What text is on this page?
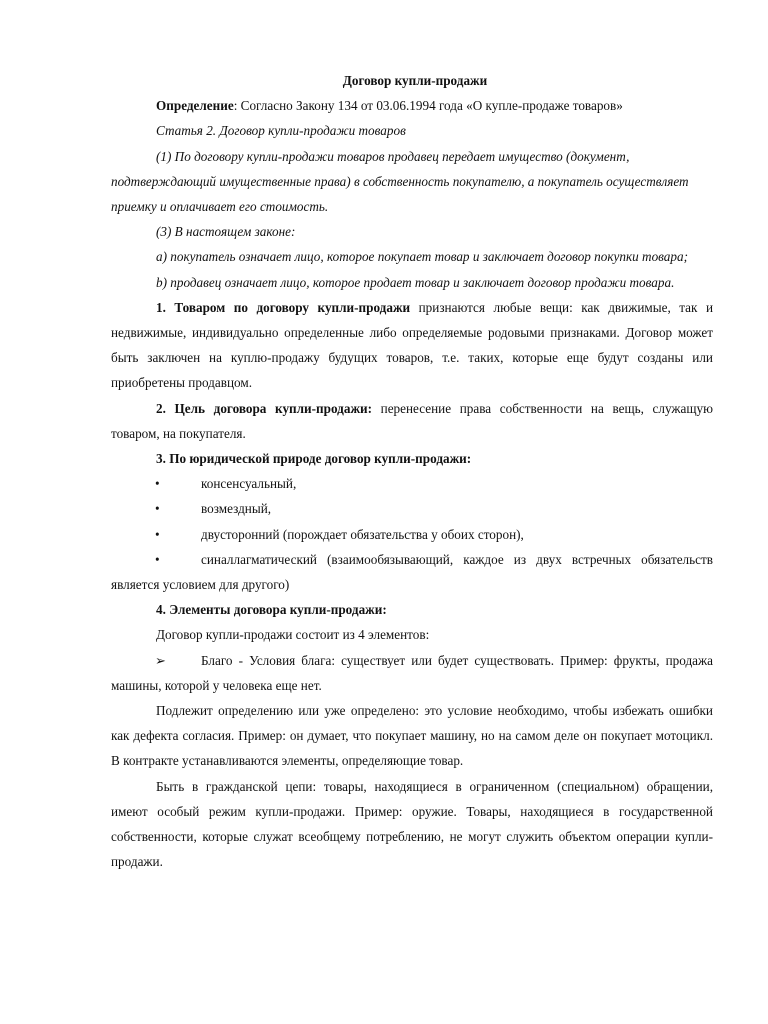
Договор купли-продажи

Определение: Согласно Закону 134 от 03.06.1994 года «О купле-продаже товаров»

Статья 2. Договор купли-продажи товаров

(1) По договору купли-продажи товаров продавец передает имущество (документ, подтверждающий имущественные права) в собственность покупателю, а покупатель осуществляет приемку и оплачивает его стоимость.

(3) В настоящем законе:

а) покупатель означает лицо, которое покупает товар и заключает договор покупки товара;

b) продавец означает лицо, которое продает товар и заключает договор продажи товара.

1. Товаром по договору купли-продажи признаются любые вещи: как движимые, так и недвижимые, индивидуально определенные либо определяемые родовыми признаками. Договор может быть заключен на куплю-продажу будущих товаров, т.е. таких, которые еще будут созданы или приобретены продавцом.

2. Цель договора купли-продажи: перенесение права собственности на вещь, служащую товаром, на покупателя.

3. По юридической природе договор купли-продажи:

•	консенсуальный,

•	возмездный,

•	двусторонний (порождает обязательства у обоих сторон),

•	синаллагматический (взаимообязывающий, каждое из двух встречных обязательств является условием для другого)

4. Элементы договора купли-продажи:

Договор купли-продажи состоит из 4 элементов:

➢	Благо - Условия блага: существует или будет существовать. Пример: фрукты, продажа машины, которой у человека еще нет.

Подлежит определению или уже определено: это условие необходимо, чтобы избежать ошибки как дефекта согласия. Пример: он думает, что покупает машину, но на самом деле он покупает мотоцикл. В контракте устанавливаются элементы, определяющие товар.

Быть в гражданской цепи: товары, находящиеся в ограниченном (специальном) обращении, имеют особый режим купли-продажи. Пример: оружие. Товары, находящиеся в государственной собственности, которые служат всеобщему потреблению, не могут служить объектом операции купли-продажи.
